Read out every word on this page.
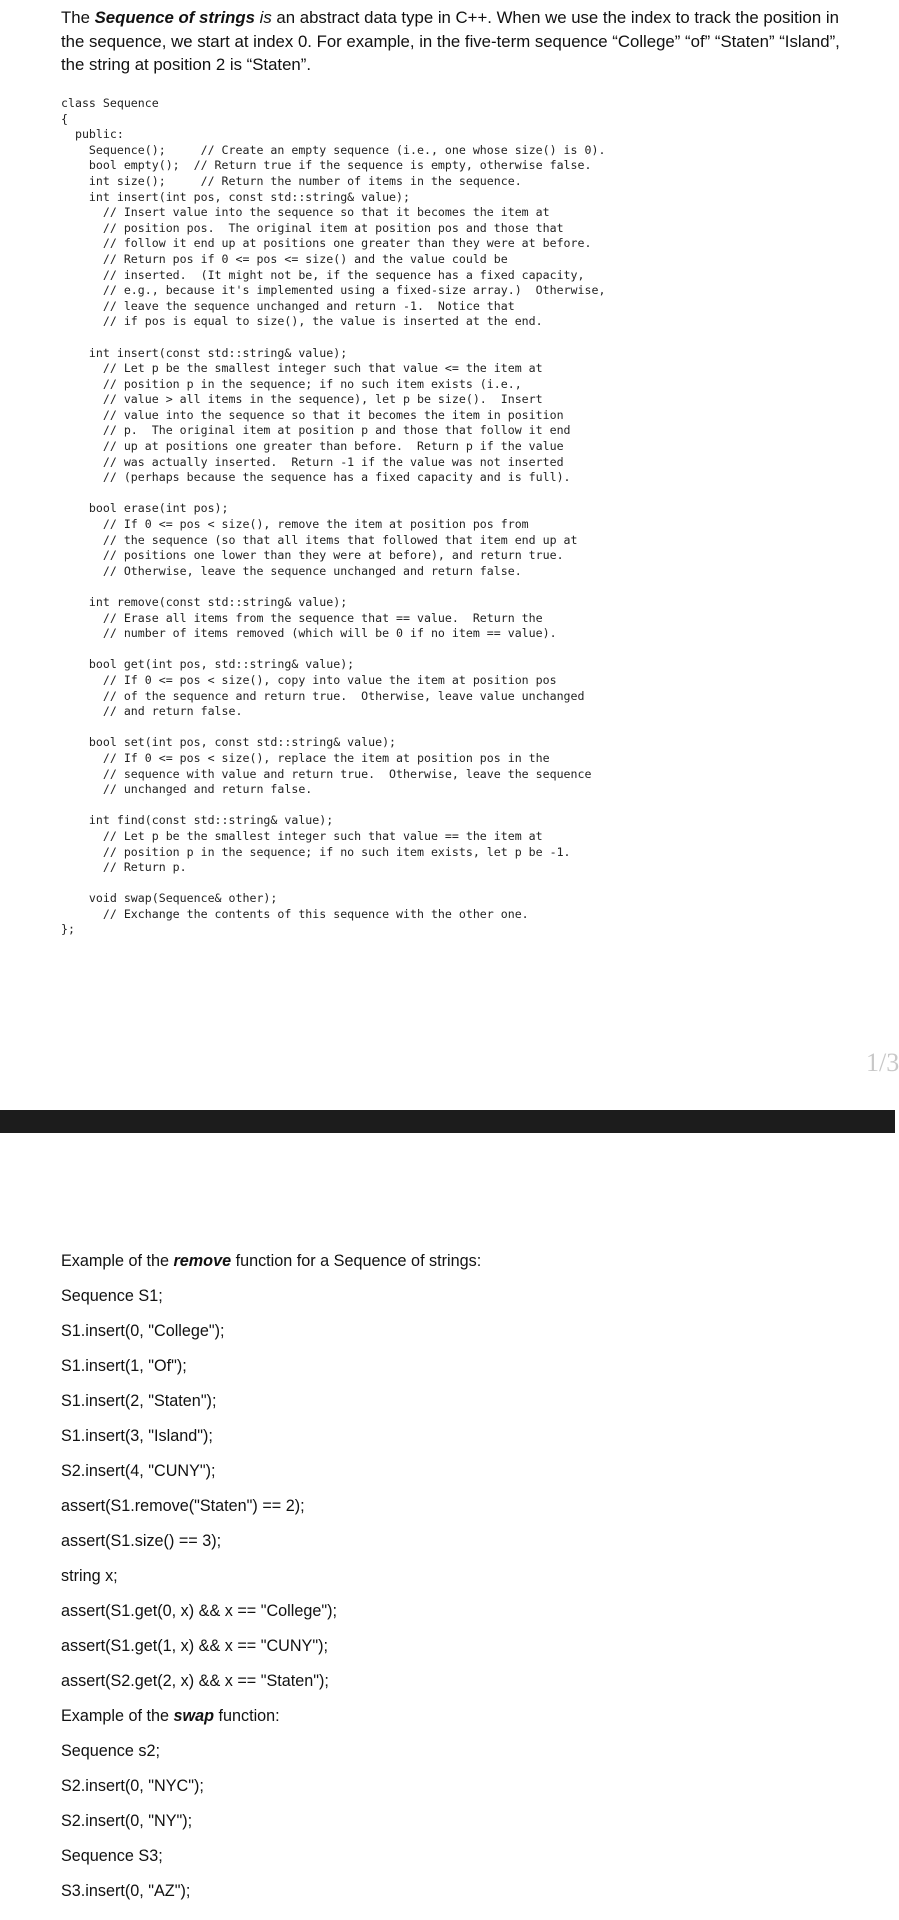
The Sequence of strings is an abstract data type in C++. When we use the index to track the position in the sequence, we start at index 0. For example, in the five-term sequence “College” “of” “Staten” “Island”, the string at position 2 is “Staten”.

class Sequence
{
public:
Sequence();     // Create an empty sequence (i.e., one whose size() is 0).
bool empty();  // Return true if the sequence is empty, otherwise false.
int size();     // Return the number of items in the sequence.
int insert(int pos, const std::string& value);
// Insert value into the sequence so that it becomes the item at
// position pos.  The original item at position pos and those that
// follow it end up at positions one greater than they were at before.
// Return pos if 0 <= pos <= size() and the value could be
// inserted.  (It might not be, if the sequence has a fixed capacity,
// e.g., because it's implemented using a fixed-size array.)  Otherwise,
// leave the sequence unchanged and return -1.  Notice that
// if pos is equal to size(), the value is inserted at the end.

int insert(const std::string& value);
// Let p be the smallest integer such that value <= the item at
// position p in the sequence; if no such item exists (i.e.,
// value > all items in the sequence), let p be size().  Insert
// value into the sequence so that it becomes the item in position
// p.  The original item at position p and those that follow it end
// up at positions one greater than before.  Return p if the value
// was actually inserted.  Return -1 if the value was not inserted
// (perhaps because the sequence has a fixed capacity and is full).

bool erase(int pos);
// If 0 <= pos < size(), remove the item at position pos from
// the sequence (so that all items that followed that item end up at
// positions one lower than they were at before), and return true.
// Otherwise, leave the sequence unchanged and return false.

int remove(const std::string& value);
// Erase all items from the sequence that == value.  Return the
// number of items removed (which will be 0 if no item == value).

bool get(int pos, std::string& value);
// If 0 <= pos < size(), copy into value the item at position pos
// of the sequence and return true.  Otherwise, leave value unchanged
// and return false.

bool set(int pos, const std::string& value);
// If 0 <= pos < size(), replace the item at position pos in the
// sequence with value and return true.  Otherwise, leave the sequence
// unchanged and return false.

int find(const std::string& value);
// Let p be the smallest integer such that value == the item at
// position p in the sequence; if no such item exists, let p be -1.
// Return p.

void swap(Sequence& other);
// Exchange the contents of this sequence with the other one.
};
1/3
Example of the remove function for a Sequence of strings:
Sequence S1;
S1.insert(0, "College");
S1.insert(1, "Of");
S1.insert(2, "Staten");
S1.insert(3, "Island");
S2.insert(4, "CUNY");
assert(S1.remove("Staten") == 2);
assert(S1.size() == 3);
string x;
assert(S1.get(0, x) && x == "College");
assert(S1.get(1, x) && x == "CUNY");
assert(S2.get(2, x) && x == "Staten");
Example of the swap function:
Sequence s2;
S2.insert(0, "NYC");
S2.insert(0, "NY");
Sequence S3;
S3.insert(0, "AZ");
